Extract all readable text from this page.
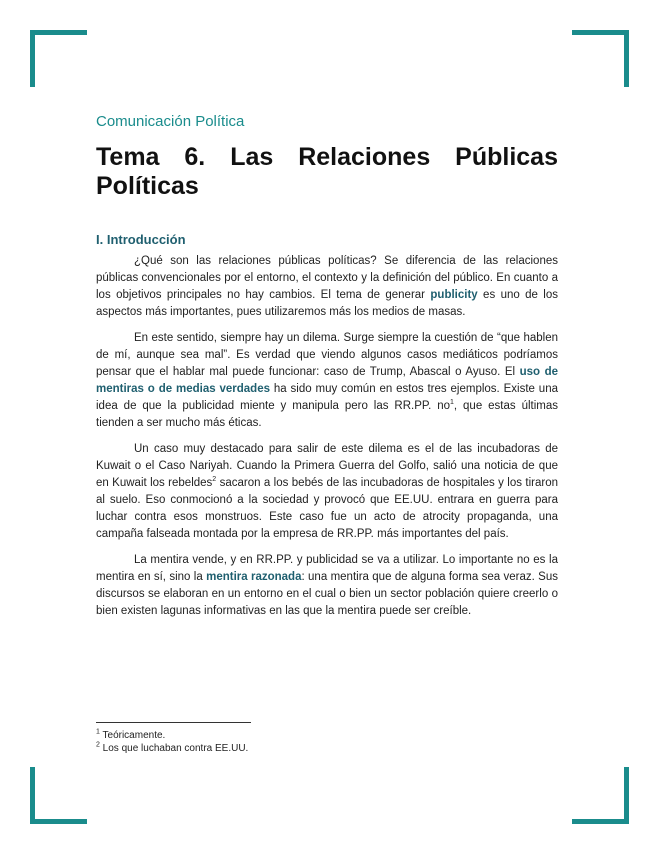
Comunicación Política
Tema 6. Las Relaciones Públicas Políticas
I. Introducción

¿Qué son las relaciones públicas políticas? Se diferencia de las relaciones públicas convencionales por el entorno, el contexto y la definición del público. En cuanto a los objetivos principales no hay cambios. El tema de generar publicity es uno de los aspectos más importantes, pues utilizaremos más los medios de masas.

En este sentido, siempre hay un dilema. Surge siempre la cuestión de “que hablen de mí, aunque sea mal”. Es verdad que viendo algunos casos mediáticos podríamos pensar que el hablar mal puede funcionar: caso de Trump, Abascal o Ayuso. El uso de mentiras o de medias verdades ha sido muy común en estos tres ejemplos. Existe una idea de que la publicidad miente y manipula pero las RR.PP. $no^1$, que estas últimas tienden a ser mucho más éticas.

Un caso muy destacado para salir de este dilema es el de las incubadoras de Kuwait o el Caso Nariyah. Cuando la Primera Guerra del Golfo, salió una noticia de que en Kuwait los rebeldes$^2$ sacaron a los bebés de las incubadoras de hospitales y los tiraron al suelo. Eso conmocionó a la sociedad y provocó que EE.UU. entrara en guerra para luchar contra esos monstruos. Este caso fue un acto de atrocity propaganda, una campaña falseada montada por la empresa de RR.PP. más importantes del país.

La mentira vende, y en RR.PP. y publicidad se va a utilizar. Lo importante no es la mentira en sí, sino la mentira razonada: una mentira que de alguna forma sea veraz. Sus discursos se elaboran en un entorno en el cual o bien un sector población quiere creerlo o bien existen lagunas informativas en las que la mentira puede ser creíble.

$^1$ Teóricamente.
$^2$ Los que luchaban contra EE.UU.
